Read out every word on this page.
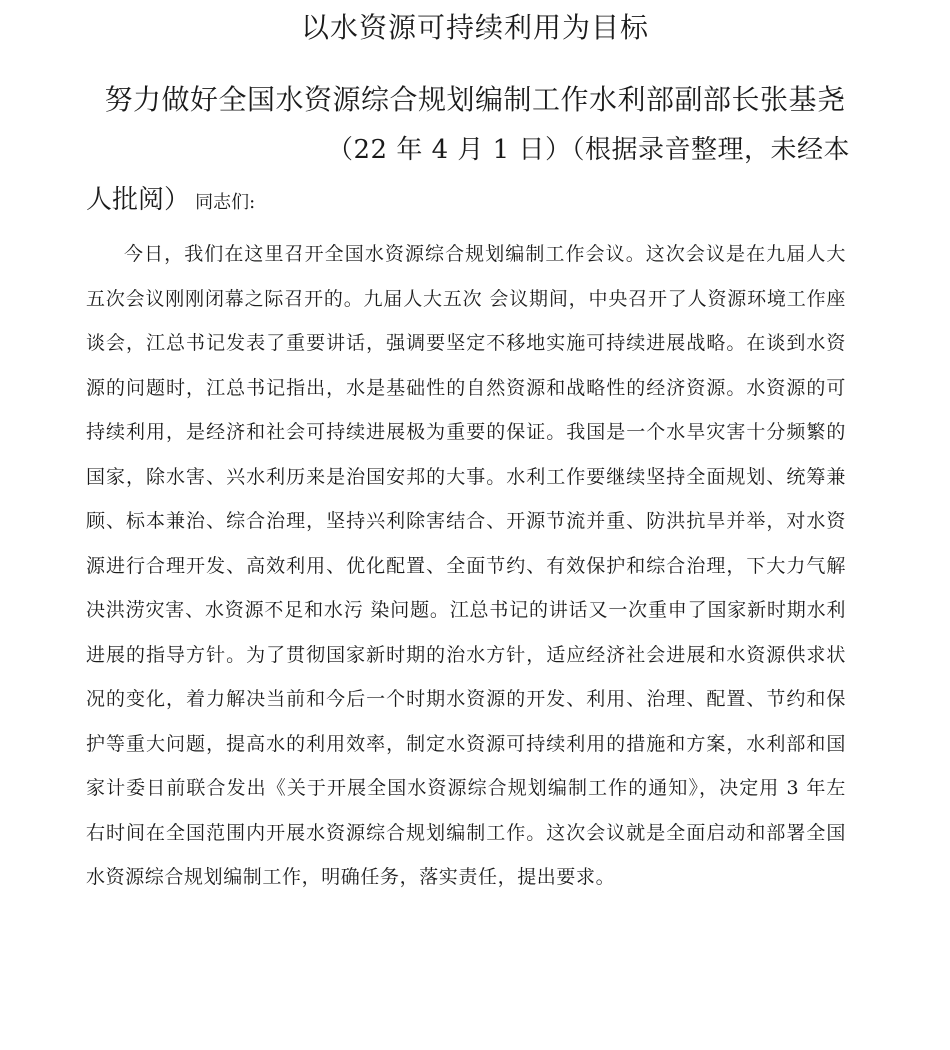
以水资源可持续利用为目标
努力做好全国水资源综合规划编制工作水利部副部长张基尧
（22 年 4 月 1 日）（根据录音整理，未经本
人批阅） 同志们:

今日，我们在这里召开全国水资源综合规划编制工作会议。这次会议是在九届人大五次会议刚刚闭幕之际召开的。九届人大五次 会议期间，中央召开了人资源环境工作座谈会，江总书记发表了重要讲话，强调要坚定不移地实施可持续进展战略。在谈到水资源的问题时，江总书记指出，水是基础性的自然资源和战略性的经济资源。水资源的可持续利用，是经济和社会可持续进展极为重要的保证。我国是一个水旱灾害十分频繁的国家，除水害、兴水利历来是治国安邦的大事。水利工作要继续坚持全面规划、统筹兼顾、标本兼治、综合治理，坚持兴利除害结合、开源节流并重、防洪抗旱并举，对水资源进行合理开发、高效利用、优化配置、全面节约、有效保护和综合治理，下大力气解决洪涝灾害、水资源不足和水污 染问题。江总书记的讲话又一次重申了国家新时期水利进展的指导方针。为了贯彻国家新时期的治水方针，适应经济社会进展和水资源供求状况的变化，着力解决当前和今后一个时期水资源的开发、利用、治理、配置、节约和保护等重大问题，提高水的利用效率，制定水资源可持续利用的措施和方案，水利部和国家计委日前联合发出《关于开展全国水资源综合规划编制工作的通知》，决定用 3 年左右时间在全国范围内开展水资源综合规划编制工作。这次会议就是全面启动和部署全国水资源综合规划编制工作，明确任务，落实责任，提出要求。
